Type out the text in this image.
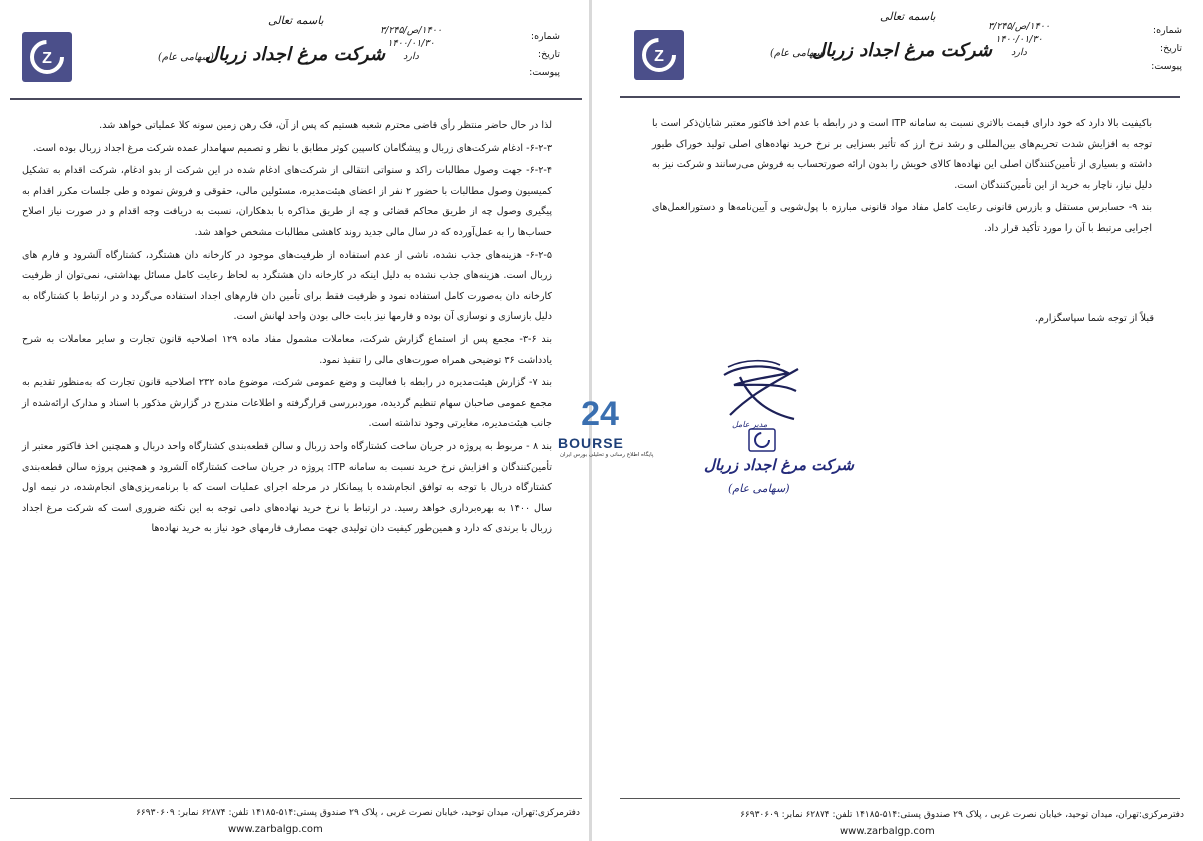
Z
باسمه تعالی
شرکت مرغ اجداد زربال
(سهامی عام)
۱۴۰۰/ص/۳/۲۴۵
۱۴۰۰/۰۱/۳۰
دارد
شماره:
تاریخ:
پیوست:

لذا در حال حاضر منتظر رأی قاضی محترم شعبه هستیم که پس از آن، فک رهن زمین سونه کلا عملیاتی خواهد شد.

۶-۲-۳- ادغام شرکت‌های زربال و پیشگامان کاسپین کوثر مطابق با نظر و تصمیم سهامدار عمده شرکت مرغ اجداد زربال بوده است.

۶-۲-۴- جهت وصول مطالبات راکد و سنواتی انتقالی از شرکت‌های ادغام شده در این شرکت از بدو ادغام، شرکت اقدام به تشکیل کمیسیون وصول مطالبات با حضور ۲ نفر از اعضای هیئت‌مدیره، مسئولین مالی، حقوقی و فروش نموده و طی جلسات مکرر اقدام به پیگیری وصول چه از طریق محاکم قضائی و چه از طریق مذاکره با بدهکاران، نسبت به دریافت وجه اقدام و در صورت نیاز اصلاح حساب‌ها را به عمل‌آورده که در سال مالی جدید روند کاهشی مطالبات مشخص خواهد شد.

۶-۲-۵- هزینه‌های جذب نشده، ناشی از عدم استفاده از ظرفیت‌های موجود در کارخانه دان هشتگرد، کشتارگاه آلشرود و فارم های زربال است. هزینه‌های جذب نشده به دلیل اینکه در کارخانه دان هشتگرد به لحاظ رعایت کامل مسائل بهداشتی، نمی‌توان از ظرفیت کارخانه دان به‌صورت کامل استفاده نمود و ظرفیت فقط برای تأمین دان فارم‌های اجداد استفاده می‌گردد و در ارتباط با کشتارگاه به دلیل بازسازی و نوسازی آن بوده و فارمها نیز بابت خالی بودن واحد لهانش است.

بند ۶-۳- مجمع پس از استماع گزارش شرکت، معاملات مشمول مفاد ماده ۱۲۹ اصلاحیه قانون تجارت و سایر معاملات به شرح یادداشت ۳۶ توضیحی همراه صورت‌های مالی را تنفیذ نمود.

بند ۷- گزارش هیئت‌مدیره در رابطه با فعالیت و وضع عمومی شرکت، موضوع ماده ۲۳۲ اصلاحیه قانون تجارت که به‌منظور تقدیم به مجمع عمومی صاحبان سهام تنظیم گردیده، موردبررسی قرارگرفته و اطلاعات مندرج در گزارش مذکور با اسناد و مدارک ارائه‌شده از جانب هیئت‌مدیره، مغایرتی وجود نداشته است.

بند ۸ - مربوط به پروژه در جریان ساخت کشتارگاه واحد زربال و سالن قطعه‌بندی کشتارگاه واحد دربال و همچنین اخذ فاکتور معتبر از تأمین‌کنندگان و افزایش نرخ خرید نسبت به سامانه ITP: پروژه در جریان ساخت کشتارگاه آلشرود و همچنین پروژه سالن قطعه‌بندی کشتارگاه دربال با توجه به توافق انجام‌شده با پیمانکار در مرحله اجرای عملیات است که با برنامه‌ریزی‌های انجام‌شده، در نیمه اول سال ۱۴۰۰ به بهره‌برداری خواهد رسید. در ارتباط با نرخ خرید نهاده‌های دامی توجه به این نکته ضروری است که شرکت مرغ اجداد زربال با برندی که دارد و همین‌طور کیفیت دان تولیدی جهت مصارف فارمهای خود نیاز به خرید نهاده‌ها

دفترمرکزی:تهران، میدان توحید، خیابان نصرت غربی ، پلاک ۲۹ صندوق پستی:۵۱۴-۱۴۱۸۵ تلفن: ۶۲۸۷۴ نمابر: ۶۶۹۳۰۶۰۹
www.zarbalgp.com
Z
باسمه تعالی
شرکت مرغ اجداد زربال
(سهامی عام)
۱۴۰۰/ص/۳/۲۴۵
۱۴۰۰/۰۱/۳۰
دارد
شماره:
تاریخ:
پیوست:

باکیفیت بالا دارد که خود دارای قیمت بالاتری نسبت به سامانه ITP است و در رابطه با عدم اخذ فاکتور معتبر شایان‌ذکر است با توجه به افزایش شدت تحریم‌های بین‌المللی و رشد نرخ ارز که تأثیر بسزایی بر نرخ خرید نهاده‌های اصلی تولید خوراک طیور داشته و بسیاری از تأمین‌کنندگان اصلی این نهاده‌ها کالای خویش را بدون ارائه صورتحساب به فروش می‌رسانند و شرکت نیز به دلیل نیاز، ناچار به خرید از این تأمین‌کنندگان است.

بند ۹- حسابرس مستقل و بازرس قانونی رعایت کامل مفاد مواد قانونی مبارزه با پول‌شویی و آیین‌نامه‌ها و دستورالعمل‌های اجرایی مرتبط با آن را مورد تأکید قرار داد.

قبلاً از توجه شما سپاسگزارم.
مدیر عامل
شرکت مرغ اجداد زربال
(سهامی عام)
دفترمرکزی:تهران، میدان توحید، خیابان نصرت غربی ، پلاک ۲۹ صندوق پستی:۵۱۴-۱۴۱۸۵ تلفن: ۶۲۸۷۴ نمابر: ۶۶۹۳۰۶۰۹
www.zarbalgp.com
24
BOURSE
پایگاه اطلاع رسانی و تحلیلی بورس ایران
